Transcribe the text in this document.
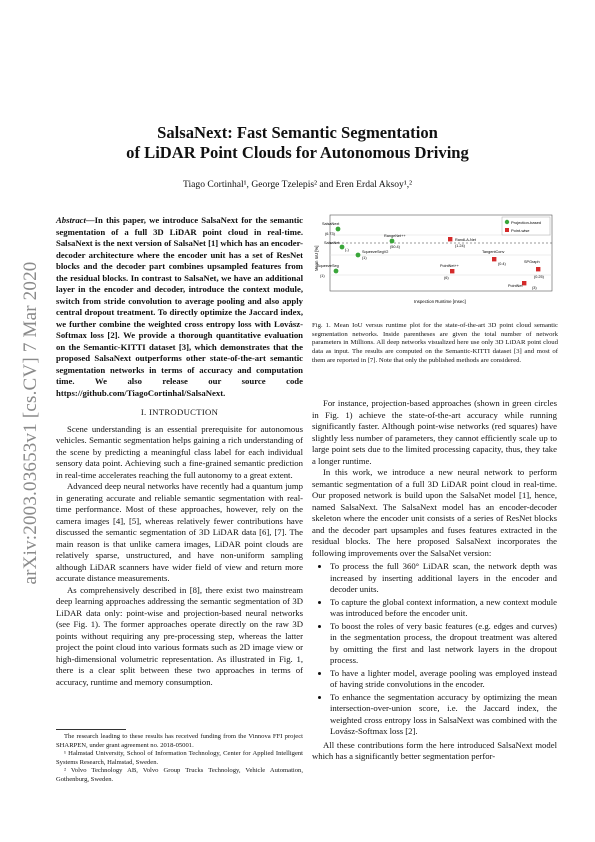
arXiv:2003.03653v1 [cs.CV] 7 Mar 2020
SalsaNext: Fast Semantic Segmentation
of LiDAR Point Clouds for Autonomous Driving
Tiago Cortinhal¹, George Tzelepis² and Eren Erdal Aksoy¹,²
Abstract—In this paper, we introduce SalsaNext for the semantic segmentation of a full 3D LiDAR point cloud in real-time. SalsaNext is the next version of SalsaNet [1] which has an encoder-decoder architecture where the encoder unit has a set of ResNet blocks and the decoder part combines upsampled features from the residual blocks. In contrast to SalsaNet, we have an additional layer in the encoder and decoder, introduce the context module, switch from stride convolution to average pooling and also apply central dropout treatment. To directly optimize the Jaccard index, we further combine the weighted cross entropy loss with Lovász-Softmax loss [2]. We provide a thorough quantitative evaluation on the Semantic-KITTI dataset [3], which demonstrates that the proposed SalsaNext outperforms other state-of-the-art semantic segmentation networks in terms of accuracy and computation time. We also release our source code https://github.com/TiagoCortinhal/SalsaNext.
I. INTRODUCTION

Scene understanding is an essential prerequisite for autonomous vehicles. Semantic segmentation helps gaining a rich understanding of the scene by predicting a meaningful class label for each individual sensory data point. Achieving such a fine-grained semantic prediction in real-time accelerates reaching the full autonomy to a great extent.

Advanced deep neural networks have recently had a quantum jump in generating accurate and reliable semantic segmentation with real-time performance. Most of these approaches, however, rely on the camera images [4], [5], whereas relatively fewer contributions have discussed the semantic segmentation of 3D LiDAR data [6], [7]. The main reason is that unlike camera images, LiDAR point clouds are relatively sparse, unstructured, and have non-uniform sampling although LiDAR scanners have wider field of view and return more accurate distance measurements.

As comprehensively described in [8], there exist two mainstream deep learning approaches addressing the semantic segmentation of 3D LiDAR data only: point-wise and projection-based neural networks (see Fig. 1). The former approaches operate directly on the raw 3D points without requiring any pre-processing step, whereas the latter project the point cloud into various formats such as 2D image view or high-dimensional volumetric representation. As illustrated in Fig. 1, there is a clear split between these two approaches in terms of accuracy, runtime and memory consumption.

The research leading to these results has received funding from the Vinnova FFI project SHARPEN, under grant agreement no. 2018-05001.
¹ Halmstad University, School of Information Technology, Center for Applied Intelligent Systems Research, Halmstad, Sweden.
² Volvo Technology AB, Volvo Group Trucks Technology, Vehicle Automation, Gothenburg, Sweden.
Projection-based
Point-wise
SalsaNext
(6.73)	RangeNet++
(50.4)
SqueezeSegV2
(1)
SqueezeSeg
(1)
SalsaNet
(-)
RandLA-Net
(1.24)
TangentConv
(0.4)	SPGraph
(0.25)
PointNet++
(6)
PointNet (3)
Mean IoU [%]
Inspection Runtime [msec]
Fig. 1. Mean IoU versus runtime plot for the state-of-the-art 3D point cloud semantic segmentation networks. Inside parentheses are given the total number of network parameters in Millions. All deep networks visualized here use only 3D LiDAR point cloud data as input. The results are computed on the Semantic-KITTI dataset [3] and most of them are reported in [7]. Note that only the published methods are considered.

For instance, projection-based approaches (shown in green circles in Fig. 1) achieve the state-of-the-art accuracy while running significantly faster. Although point-wise networks (red squares) have slightly less number of parameters, they cannot efficiently scale up to large point sets due to the limited processing capacity, thus, they take a longer runtime.

In this work, we introduce a new neural network to perform semantic segmentation of a full 3D LiDAR point cloud in real-time. Our proposed network is build upon the SalsaNet model [1], hence, named SalsaNext. The SalsaNext model has an encoder-decoder skeleton where the encoder unit consists of a series of ResNet blocks and the decoder part upsamples and fuses features extracted in the residual blocks. The here proposed SalsaNext incorporates the following improvements over the SalsaNet version:

• To process the full 360° LiDAR scan, the network depth was increased by inserting additional layers in the encoder and decoder units.
• To capture the global context information, a new context module was introduced before the encoder unit.
• To boost the roles of very basic features (e.g. edges and curves) in the segmentation process, the dropout treatment was altered by omitting the first and last network layers in the dropout process.
• To have a lighter model, average pooling was employed instead of having stride convolutions in the encoder.
• To enhance the segmentation accuracy by optimizing the mean intersection-over-union score, i.e. the Jaccard index, the weighted cross entropy loss in SalsaNext was combined with the Lovász-Softmax loss [2].

All these contributions form the here introduced SalsaNext model which has a significantly better segmentation perfor-
